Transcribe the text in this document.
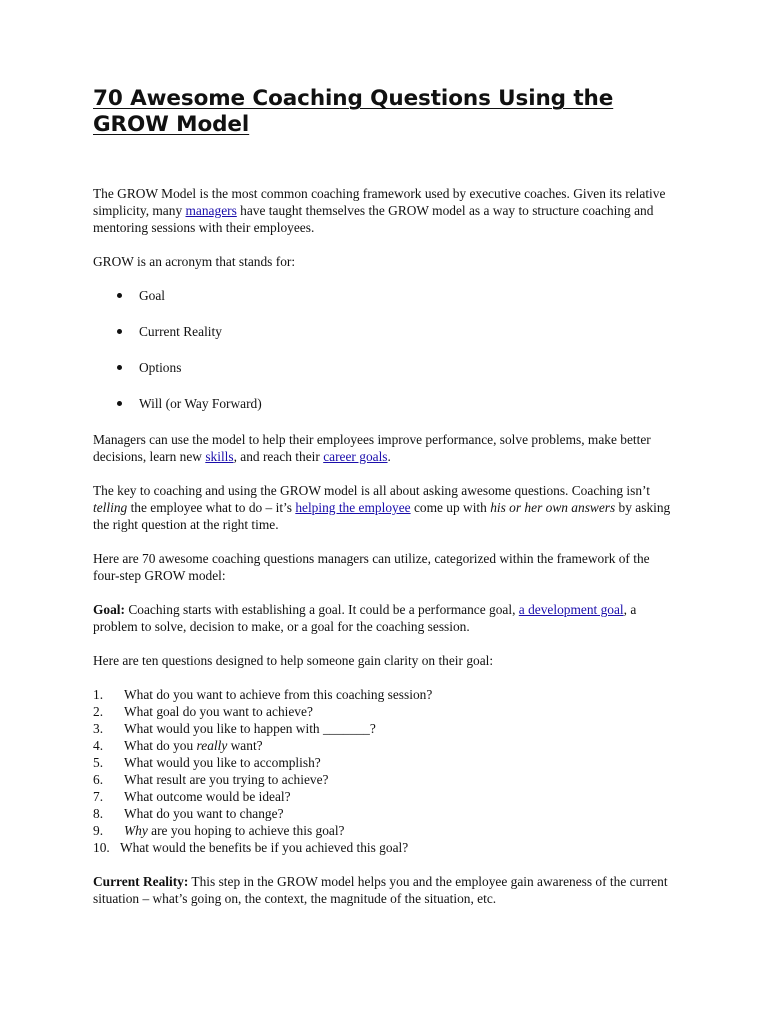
70 Awesome Coaching Questions Using the GROW Model

The GROW Model is the most common coaching framework used by executive coaches. Given its relative simplicity, many managers have taught themselves the GROW model as a way to structure coaching and mentoring sessions with their employees.

GROW is an acronym that stands for:

Goal
Current Reality
Options
Will (or Way Forward)

Managers can use the model to help their employees improve performance, solve problems, make better decisions, learn new skills, and reach their career goals.

The key to coaching and using the GROW model is all about asking awesome questions. Coaching isn’t telling the employee what to do – it’s helping the employee come up with his or her own answers by asking the right question at the right time.

Here are 70 awesome coaching questions managers can utilize, categorized within the framework of the four-step GROW model:

Goal: Coaching starts with establishing a goal. It could be a performance goal, a development goal, a problem to solve, decision to make, or a goal for the coaching session.

Here are ten questions designed to help someone gain clarity on their goal:

1. What do you want to achieve from this coaching session?
2. What goal do you want to achieve?
3. What would you like to happen with _______?
4. What do you really want?
5. What would you like to accomplish?
6. What result are you trying to achieve?
7. What outcome would be ideal?
8. What do you want to change?
9. Why are you hoping to achieve this goal?
10. What would the benefits be if you achieved this goal?

Current Reality: This step in the GROW model helps you and the employee gain awareness of the current situation – what’s going on, the context, the magnitude of the situation, etc.
